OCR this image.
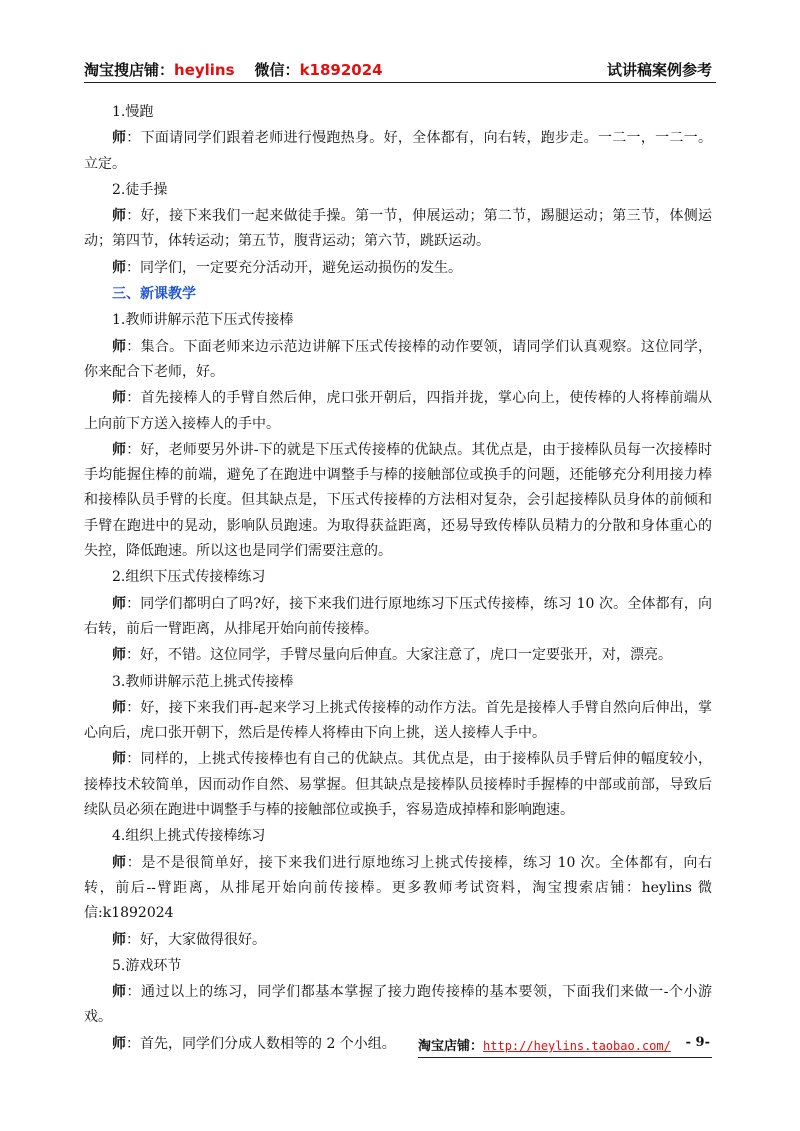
淘宝搜店铺：heylins 微信：k1892024	试讲稿案例参考

1.慢跑

师：下面请同学们跟着老师进行慢跑热身。好，全体都有，向右转，跑步走。一二一，一二一。立定。

2.徒手操

师：好，接下来我们一起来做徒手操。第一节，伸展运动；第二节，踢腿运动；第三节，体侧运动；第四节，体转运动；第五节，腹背运动；第六节，跳跃运动。

师：同学们，一定要充分活动开，避免运动损伤的发生。

三、新课教学

1.教师讲解示范下压式传接棒

师：集合。下面老师来边示范边讲解下压式传接棒的动作要领，请同学们认真观察。这位同学，你来配合下老师，好。

师：首先接棒人的手臂自然后伸，虎口张开朝后，四指并拢，掌心向上，使传棒的人将棒前端从上向前下方送入接棒人的手中。

师：好，老师要另外讲-下的就是下压式传接棒的优缺点。其优点是，由于接棒队员每一次接棒时手均能握住棒的前端，避免了在跑进中调整手与棒的接触部位或换手的问题，还能够充分利用接力棒和接棒队员手臂的长度。但其缺点是，下压式传接棒的方法相对复杂，会引起接棒队员身体的前倾和手臂在跑进中的晃动，影响队员跑速。为取得获益距离，还易导致传棒队员精力的分散和身体重心的失控，降低跑速。所以这也是同学们需要注意的。

2.组织下压式传接棒练习

师：同学们都明白了吗?好，接下来我们进行原地练习下压式传接棒，练习 10 次。全体都有，向右转，前后一臂距离，从排尾开始向前传接棒。

师：好，不错。这位同学，手臂尽量向后伸直。大家注意了，虎口一定要张开，对，漂亮。

3.教师讲解示范上挑式传接棒

师：好，接下来我们再-起来学习上挑式传接棒的动作方法。首先是接棒人手臂自然向后伸出，掌心向后，虎口张开朝下，然后是传棒人将棒由下向上挑，送人接棒人手中。

师：同样的，上挑式传接棒也有自己的优缺点。其优点是，由于接棒队员手臂后伸的幅度较小，接棒技术较简单，因而动作自然、易掌握。但其缺点是接棒队员接棒时手握棒的中部或前部，导致后续队员必须在跑进中调整手与棒的接触部位或换手，容易造成掉棒和影响跑速。

4.组织上挑式传接棒练习

师：是不是很简单好，接下来我们进行原地练习上挑式传接棒，练习 10 次。全体都有，向右转，前后--臂距离，从排尾开始向前传接棒。更多教师考试资料，淘宝搜索店铺：heylins 微信:k1892024

师：好，大家做得很好。

5.游戏环节

师：通过以上的练习，同学们都基本掌握了接力跑传接棒的基本要领，下面我们来做一-个小游戏。

师：首先，同学们分成人数相等的 2 个小组。	淘宝店铺：http://heylins.taobao.com/ - 9-
